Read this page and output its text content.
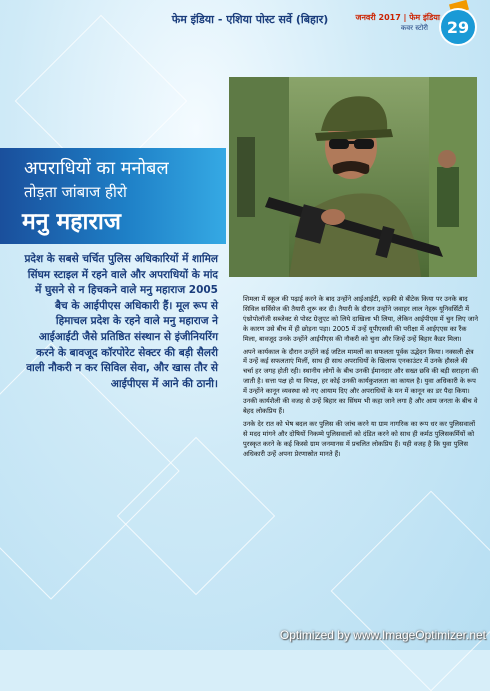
फेम इंडिया - एशिया पोस्ट सर्वे (बिहार)	जनवरी 2017 | फेम इंडिया
कवर स्टोरी	29
अपराधियों का मनोबल
तोड़ता जांबाज हीरो
मनु महाराज
प्रदेश के सबसे चर्चित पुलिस अधिकारियों में शामिल सिंघम स्टाइल में रहने वाले और अपराधियों के मांद में घुसने से न हिचकने वाले मनु महाराज 2005 बैच के आईपीएस अधिकारी हैं। मूल रूप से हिमाचल प्रदेश के रहने वाले मनु महाराज ने आईआईटी जैसे प्रतिष्ठित संस्थान से इंजीनियरिंग करने के बावजूद कॉरपोरेट सेक्टर की बड़ी सैलरी वाली नौकरी न कर सिविल सेवा, और खास तौर से आईपीएस में आने की ठानी।

शिमला में स्कूल की पढ़ाई करने के बाद उन्होंने आईआईटी, रुड़की से बीटेक किया पर उनके बाद सिविल सर्विसेज की तैयारी शुरू कर दी। तैयारी के दौरान उन्होंने जवाहर लाल नेहरू यूनिवर्सिटी में एंथ्रोपोलॉजी सब्जेक्ट से पोस्ट ग्रेजुएट को लिये दाखिला भी लिया, लेकिन आईपीएस में चुन लिए जाने के कारण उसे बीच में ही छोड़ना पड़ा। 2005 में उन्हें यूपीएससी की परीक्षा में आईएएस का रैंक मिला, बावजूद उनके उन्होंने आईपीएस की नौकरी को चुना और जिन्हें उन्हें बिहार कैडर मिला।

अपने कार्यकाल के दौरान उन्होंने कई जटिल मामलों का सफलता पूर्वक उद्भेदन किया। नक्सली क्षेत्र में उन्हें कई सफलताएं मिलीं, साथ ही साथ अपराधियों के खिलाफ एनकाउंटर में उनके हौसले की चर्चा हर जगह होती रही। स्थानीय लोगों के बीच उनकी ईमानदार और सख्त छवि की बड़ी सराहना की जाती है। सत्ता पक्ष हो या विपक्ष, हर कोई उनकी कार्यकुशलता का कायल है। युवा अधिकारी के रूप में उन्होंने कानून व्यवस्था को नए आयाम दिए और अपराधियों के मन में कानून का डर पैदा किया। उनकी कार्यशैली की वजह से उन्हें बिहार का सिंघम भी कहा जाने लगा है और आम जनता के बीच वे बेहद लोकप्रिय हैं।

उनके देर रात को भेष बदल कर पुलिस की जांच करने या ग्राम नागरिक का रूप धर कर पुलिसवालों से मदद मांगने और दोषियों निकम्मे पुलिसवालों को दंडित करने को साथ ही कर्मठ पुलिसकर्मियों को पुरस्कृत करने के कई किस्से ग्राम जनमानस में प्रचलित लोकप्रिय हैं। यही वजह है कि युवा पुलिस अधिकारी उन्हें अपना प्रेरणास्रोत मानते हैं।

Optimized by www.ImageOptimizer.net
